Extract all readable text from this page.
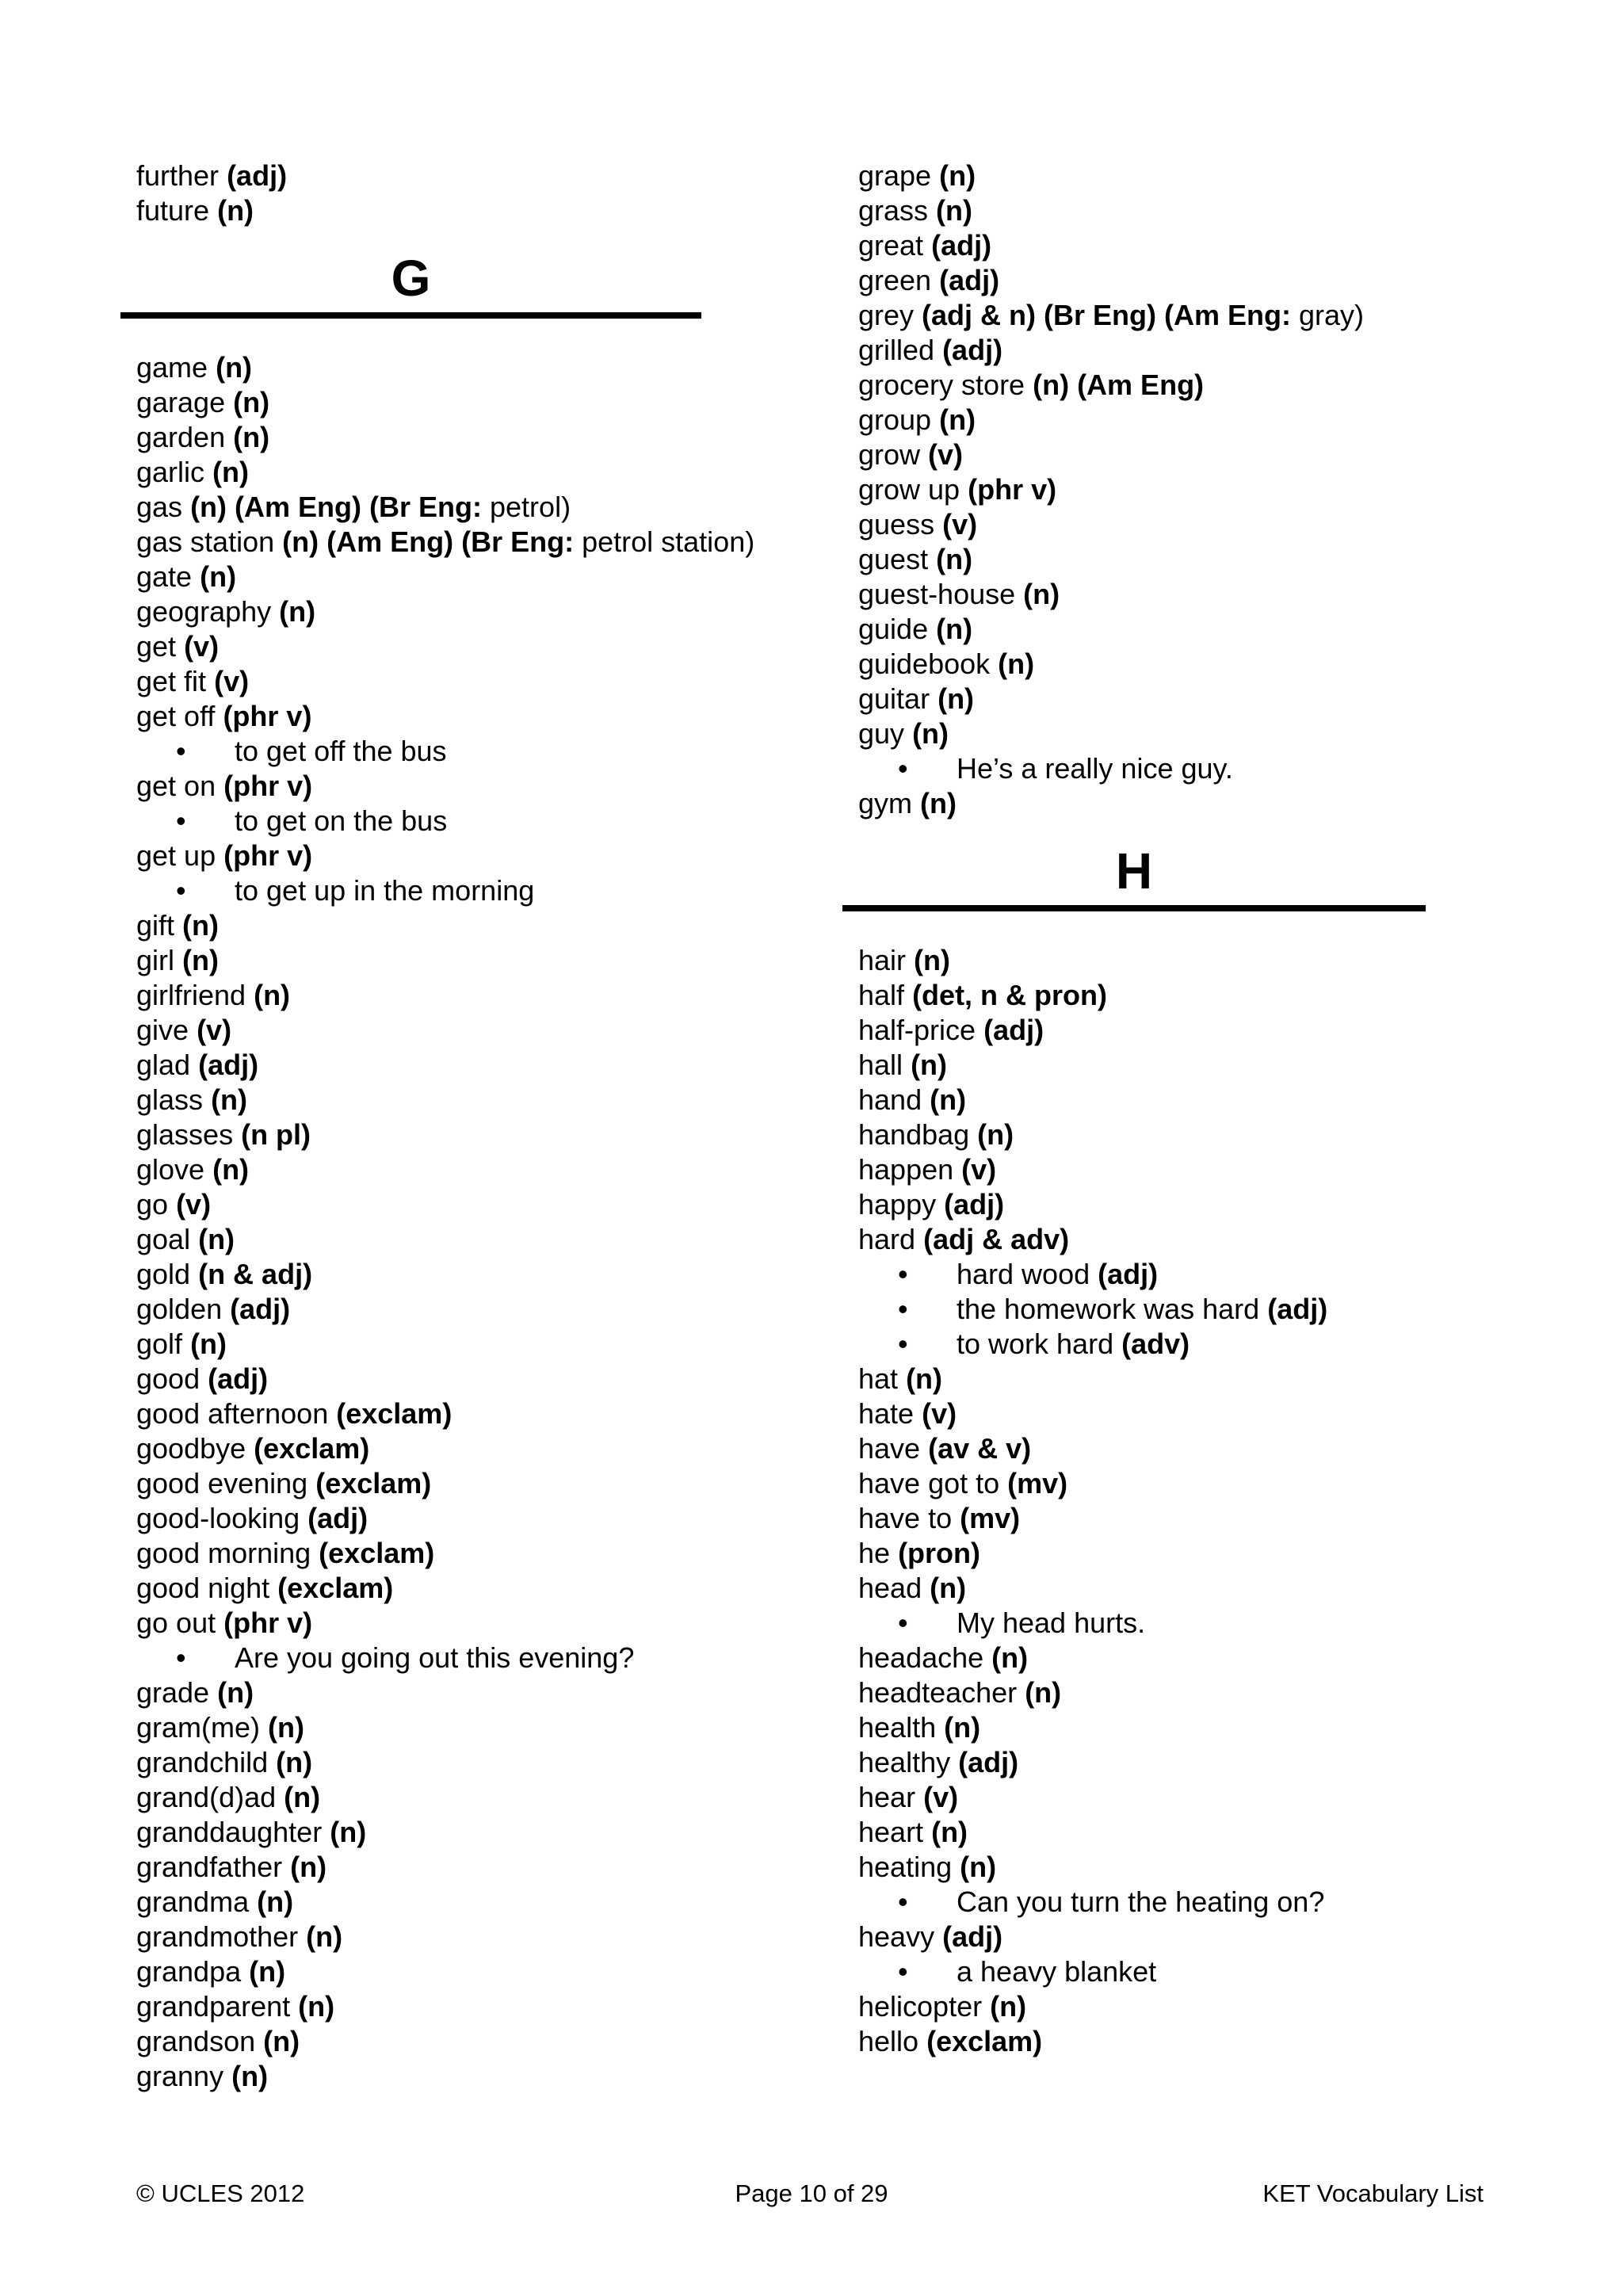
further (adj)
future (n)
G
game (n)
garage (n)
garden (n)
garlic (n)
gas (n) (Am Eng) (Br Eng: petrol)
gas station (n) (Am Eng) (Br Eng: petrol station)
gate (n)
geography (n)
get (v)
get fit (v)
get off (phr v)
• to get off the bus
get on (phr v)
• to get on the bus
get up (phr v)
• to get up in the morning
gift (n)
girl (n)
girlfriend (n)
give (v)
glad (adj)
glass (n)
glasses (n pl)
glove (n)
go (v)
goal (n)
gold (n & adj)
golden (adj)
golf (n)
good (adj)
good afternoon (exclam)
goodbye (exclam)
good evening (exclam)
good-looking (adj)
good morning (exclam)
good night (exclam)
go out (phr v)
• Are you going out this evening?
grade (n)
gram(me) (n)
grandchild (n)
grand(d)ad (n)
granddaughter (n)
grandfather (n)
grandma (n)
grandmother (n)
grandpa (n)
grandparent (n)
grandson (n)
granny (n)
grape (n)
grass (n)
great (adj)
green (adj)
grey (adj & n) (Br Eng) (Am Eng: gray)
grilled (adj)
grocery store (n) (Am Eng)
group (n)
grow (v)
grow up (phr v)
guess (v)
guest (n)
guest-house (n)
guide (n)
guidebook (n)
guitar (n)
guy (n)
• He’s a really nice guy.
gym (n)
H
hair (n)
half (det, n & pron)
half-price (adj)
hall (n)
hand (n)
handbag (n)
happen (v)
happy (adj)
hard (adj & adv)
• hard wood (adj)
• the homework was hard (adj)
• to work hard (adv)
hat (n)
hate (v)
have (av & v)
have got to (mv)
have to (mv)
he (pron)
head (n)
• My head hurts.
headache (n)
headteacher (n)
health (n)
healthy (adj)
hear (v)
heart (n)
heating (n)
• Can you turn the heating on?
heavy (adj)
• a heavy blanket
helicopter (n)
hello (exclam)
© UCLES 2012	Page 10 of 29	KET Vocabulary List
